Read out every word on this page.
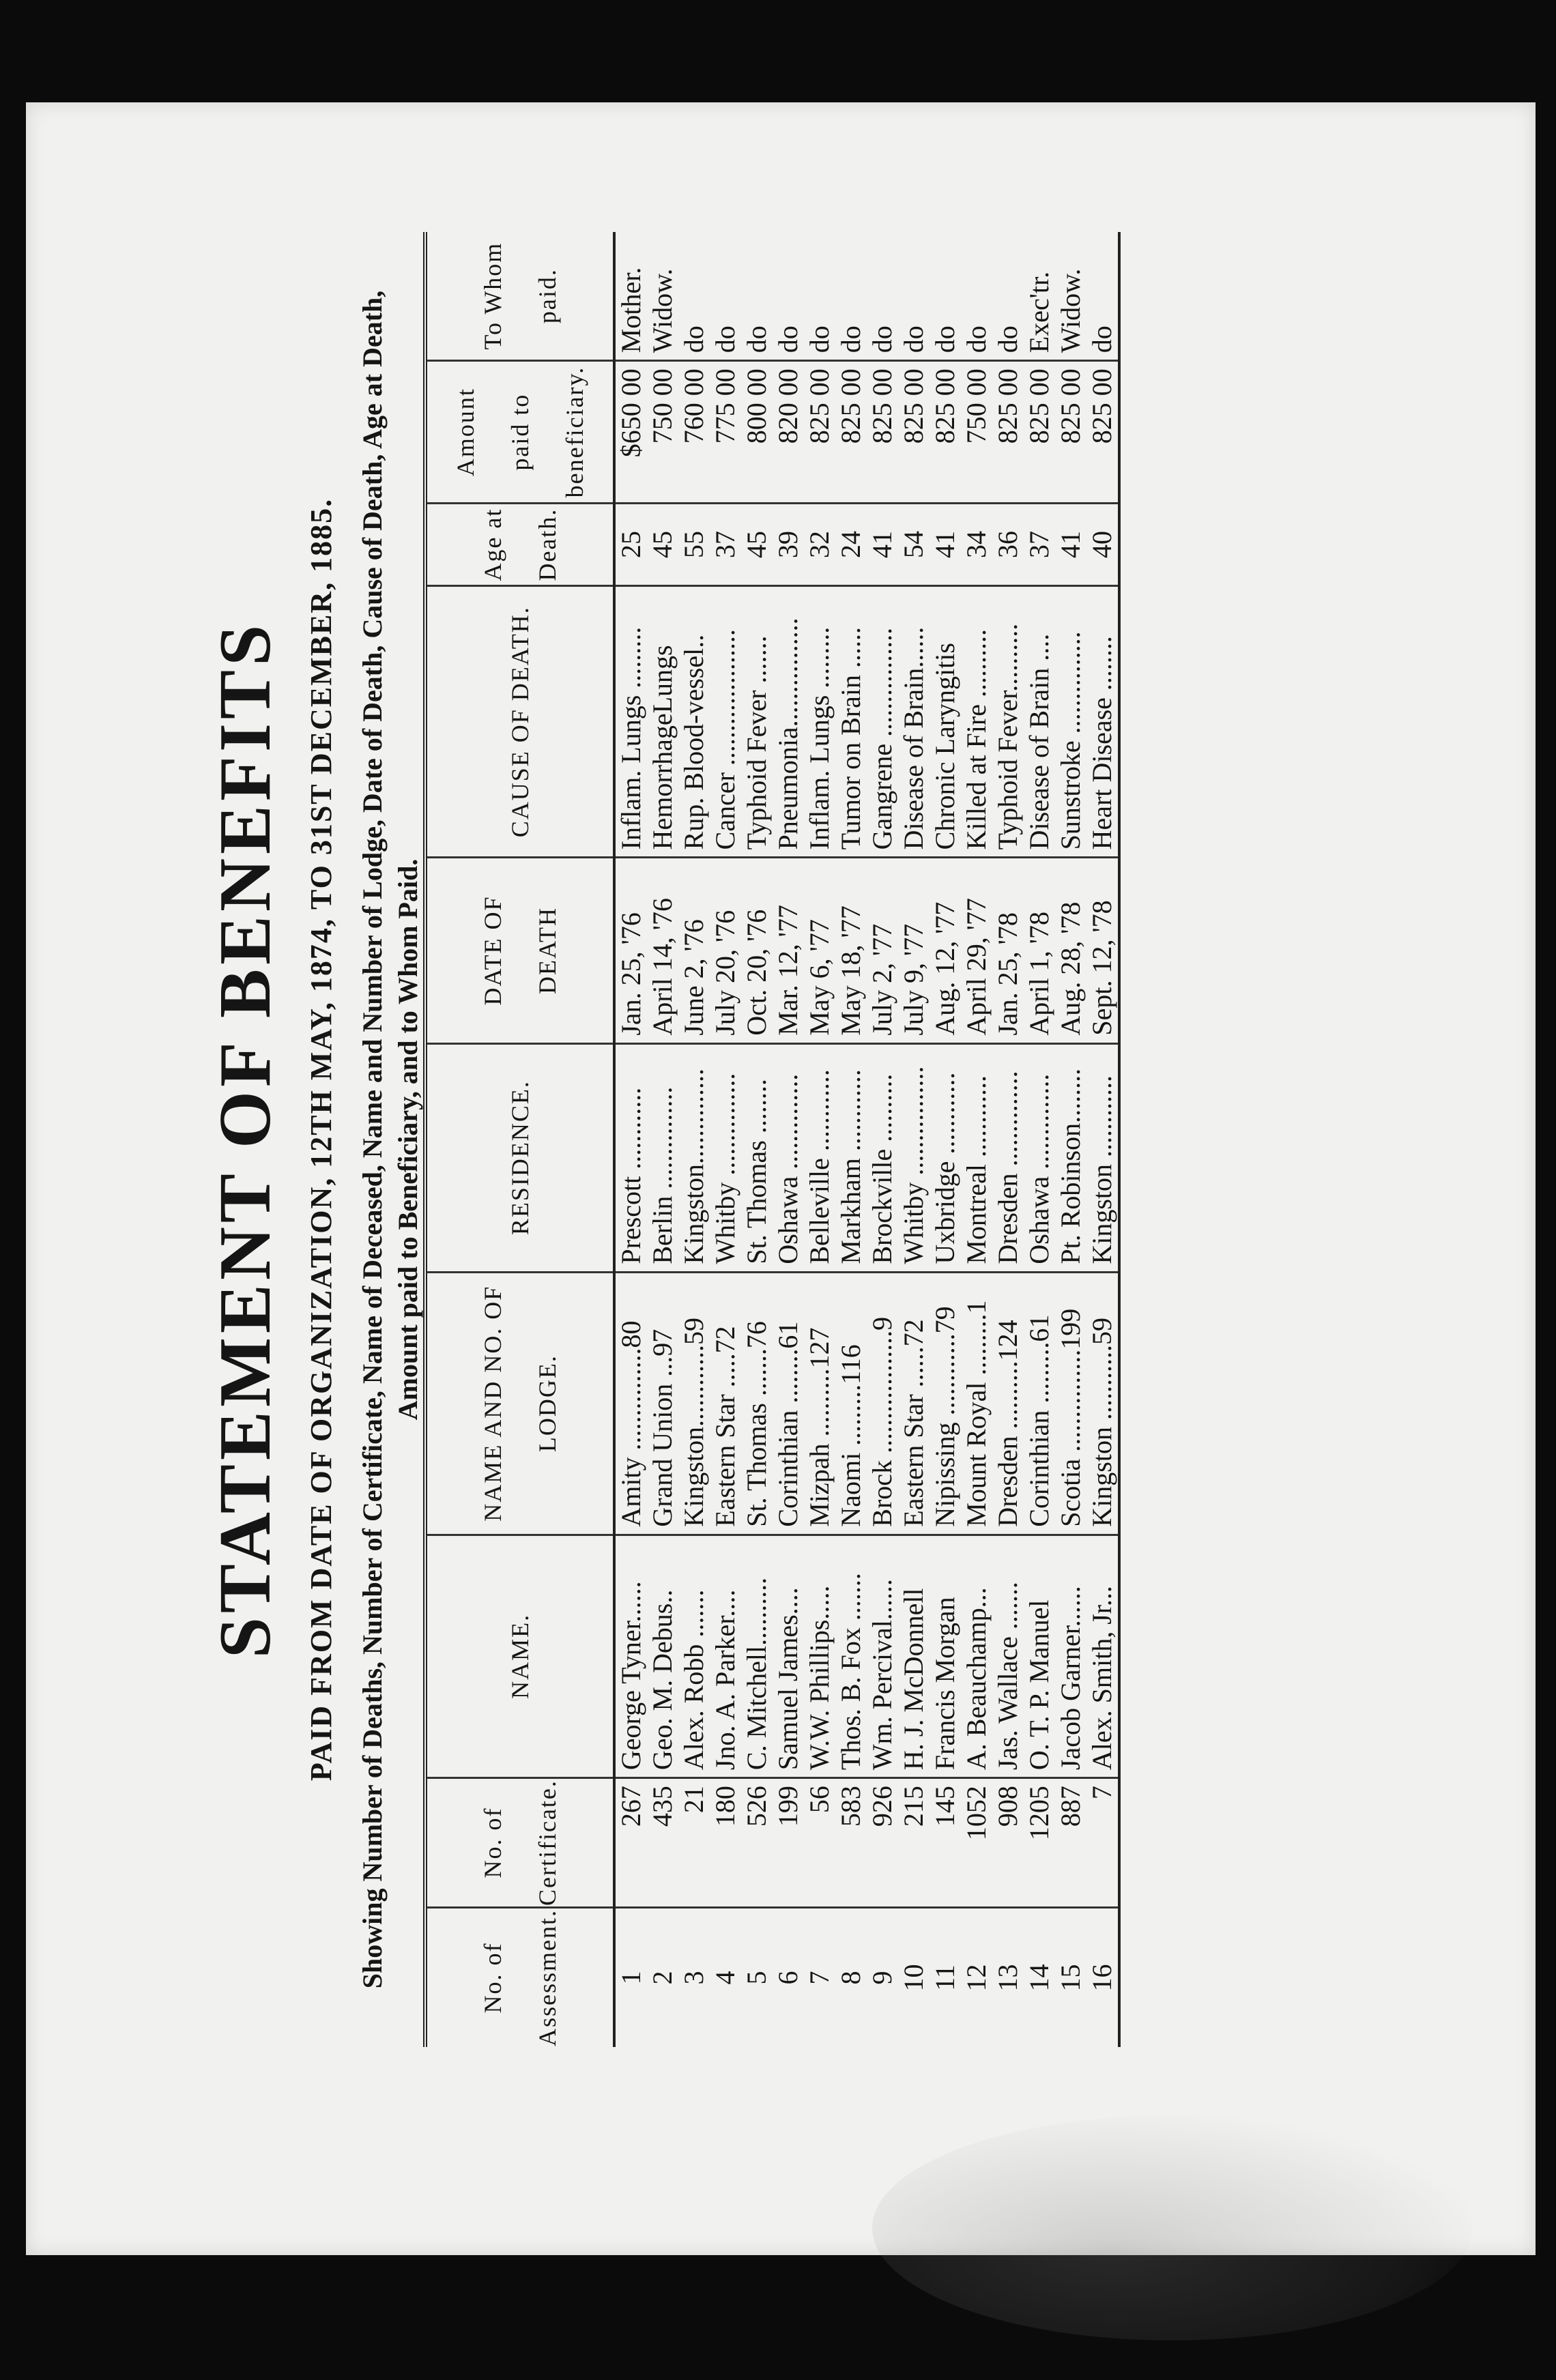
STATEMENT OF BENEFITS PAID FROM DATE OF ORGANIZATION, 12TH MAY, 1874, TO 31ST DECEMBER, 1885. Showing Number of Deaths, Number of Certificate, Name of Deceased, Name and Number of Lodge, Date of Death, Cause of Death, Age at Death, Amount paid to Beneficiary, and to Whom Paid.
No. of Assessment.	No. of Certificate.	NAME.	NAME AND NO. OF LODGE.	RESIDENCE.	DATE OF DEATH	CAUSE OF DEATH.	Age at Death.	Amount paid to beneficiary.	To Whom paid.
1	267	George Tyner......	Amity ...............80	Prescott ............	Jan. 25, '76	Inflam. Lungs .........	25	$650 00	Mother.
2	435	Geo. M. Debus..	Grand Union ...97	Berlin ...............	April 14, '76	HemorrhageLungs	45	750 00	Widow.
3	21	Alex. Robb .......	Kingston............59	Kingston..............	June 2, '76	Rup. Blood-vessel..	55	760 00	do
4	180	Jno. A. Parker....	Eastern Star .....72	Whitby ...............	July 20, '76	Cancer ....................	37	775 00	do
5	526	C. Mitchell..........	St. Thomas .......76	St. Thomas ........	Oct. 20, '76	Typhoid Fever .......	45	800 00	do
6	199	Samuel James....	Corinthian ........61	Oshawa ..............	Mar. 12, '77	Pneumonia................	39	820 00	do
7	56	W.W. Phillips.....	Mizpah ..........127	Belleville ............	May 6, '77	Inflam. Lungs .........	32	825 00	do
8	583	Thos. B. Fox .......	Naomi .........116	Markham ............	May 18, '77	Tumor on Brain ......	24	825 00	do
9	926	Wm. Percival......	Brock ..................9	Brockville ..........	July 2, '77	Gangrene ................	41	825 00	do
10	215	H. J. McDonnell	Eastern Star ......72	Whitby ................	July 9, '77	Disease of Brain......	54	825 00	do
11	145	Francis Morgan	Nipissing ............79	Uxbridge ............	Aug. 12, '77	Chronic Laryngitis	41	825 00	do
12	1052	A. Beauchamp...	Mount Royal .........1	Montreal ............	April 29, '77	Killed at Fire ..........	34	750 00	do
13	908	Jas. Wallace .......	Dresden ..........124	Dresden ..............	Jan. 25, '78	Typhoid Fever..........	36	825 00	do
14	1205	O. T. P. Manuel	Corinthian .........61	Oshawa ..............	April 1, '78	Disease of Brain ....	37	825 00	Exec'tr.
15	887	Jacob Garner......	Scotia ...............199	Pt. Robinson........	Aug. 28, '78	Sunstroke ...............	41	825 00	Widow.
16	7	Alex. Smith, Jr...	Kingston ...........59	Kingston ............	Sept. 12, '78	Heart Disease ........	40	825 00	do
